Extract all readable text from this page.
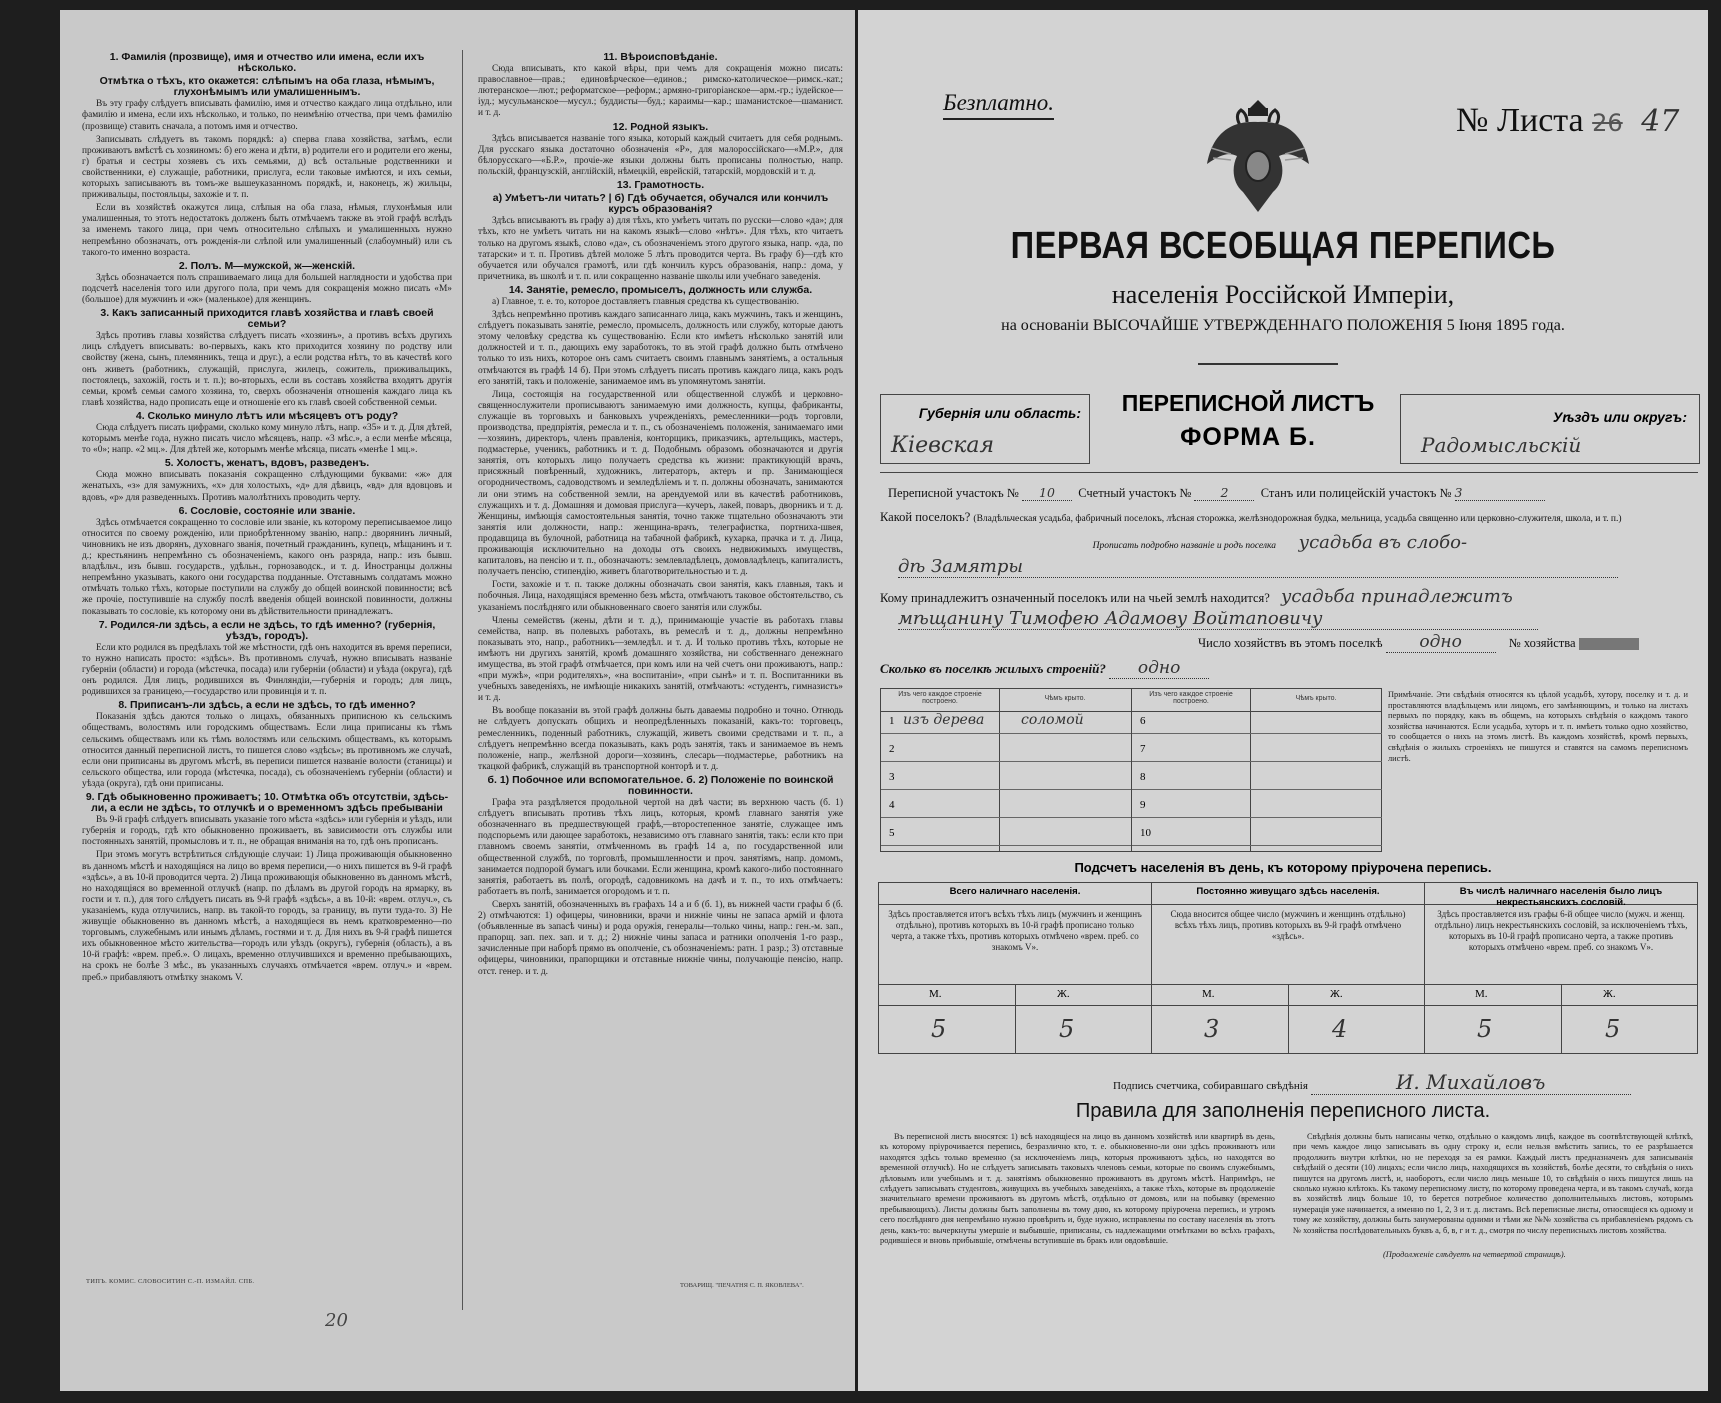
1. Фамилія (прозвище), имя и отчество или имена, если ихъ нѣсколько.
Отмѣтка о тѣхъ, кто окажется: слѣпымъ на оба глаза, нѣмымъ, глухонѣмымъ или умалишеннымъ.
Въ эту графу слѣдуетъ вписывать фамилію, имя и отчество каждаго лица отдѣльно, или фамилію и имена, если ихъ нѣсколько, и только, по неимѣнію отчества, при чемъ фамилію (прозвище) ставить сначала, а потомъ имя и отчество.
Записывать слѣдуетъ въ такомъ порядкѣ: а) сперва глава хозяйства, затѣмъ, если проживаютъ вмѣстѣ съ хозяиномъ: б) его жена и дѣти, в) родители его и родители его жены, г) братья и сестры хозяевъ съ ихъ семьями, д) всѣ остальные родственники и свойственники, е) служащіе, работники, прислуга, если таковые имѣются, и ихъ семьи, которыхъ записываютъ въ томъ-же вышеуказанномъ порядкѣ, и, наконецъ, ж) жильцы, приживальцы, постояльцы, захожіе и т. п.
Если въ хозяйствѣ окажутся лица, слѣпыя на оба глаза, нѣмыя, глухонѣмыя или умалишенныя, то этотъ недостатокъ долженъ быть отмѣчаемъ также въ этой графѣ вслѣдъ за именемъ такого лица, при чемъ относительно слѣпыхъ и умалишенныхъ нужно непремѣнно обозначать, отъ рожденія-ли слѣпой или умалишенный (слабоумный) или съ такого-то именно возраста.
2. Полъ. М—мужской, ж—женскій.
Здѣсь обозначается полъ спрашиваемаго лица для большей наглядности и удобства при подсчетѣ населенія того или другого пола, при чемъ для сокращенія можно писать «М» (большое) для мужчинъ и «ж» (маленькое) для женщинъ.
3. Какъ записанный приходится главѣ хозяйства и главѣ своей семьи?
Здѣсь противъ главы хозяйства слѣдуетъ писать «хозяинъ», а противъ всѣхъ другихъ лицъ слѣдуетъ вписывать: во-первыхъ, какъ кто приходится хозяину по родству или свойству (жена, сынъ, племянникъ, теща и друг.), а если родства нѣтъ, то въ качествѣ кого онъ живетъ (работникъ, служащій, прислуга, жилецъ, сожитель, приживальщикъ, постоялецъ, захожій, гость и т. п.); во-вторыхъ, если въ составъ хозяйства входятъ другія семьи, кромѣ семьи самого хозяина, то, сверхъ обозначенія отношенія каждаго лица къ главѣ хозяйства, надо прописать еще и отношеніе его къ главѣ своей собственной семьи.
4. Сколько минуло лѣтъ или мѣсяцевъ отъ роду?
Сюда слѣдуетъ писать цифрами, сколько кому минуло лѣтъ, напр. «35» и т. д. Для дѣтей, которымъ менѣе года, нужно писать число мѣсяцевъ, напр. «3 мѣс.», а если менѣе мѣсяца, то «0»; напр. «2 мц.». Для дѣтей же, которымъ менѣе мѣсяца, писать «менѣе 1 мц.».
5. Холостъ, женатъ, вдовъ, разведенъ.
Сюда можно вписывать показанія сокращенно слѣдующими буквами: «ж» для женатыхъ, «з» для замужнихъ, «х» для холостыхъ, «д» для дѣвицъ, «вд» для вдовцовъ и вдовъ, «р» для разведенныхъ. Противъ малолѣтнихъ проводить черту.
6. Сословіе, состояніе или званіе.
Здѣсь отмѣчается сокращенно то сословіе или званіе, къ которому переписываемое лицо относится по своему рожденію, или приобрѣтенному званію, напр.: дворянинъ личный, чиновникъ не изъ дворянъ, духовнаго званія, почетный гражданинъ, купецъ, мѣщанинъ и т. д.; крестьянинъ непремѣнно съ обозначеніемъ, какого онъ разряда, напр.: изъ бывш. владѣльч., изъ бывш. государств., удѣльн., горнозаводск., и т. д. Иностранцы должны непремѣнно указывать, какого они государства подданные. Отставнымъ солдатамъ можно отмѣчать только тѣхъ, которые поступили на службу до общей воинской повинности; всѣ же прочіе, поступившіе на службу послѣ введенія общей воинской повинности, должны показывать то сословіе, къ которому они въ дѣйствительности принадлежатъ.
7. Родился-ли здѣсь, а если не здѣсь, то гдѣ именно? (губернія, уѣздъ, городъ).
Если кто родился въ предѣлахъ той же мѣстности, гдѣ онъ находится въ время переписи, то нужно написать просто: «здѣсь». Въ противномъ случаѣ, нужно вписывать названіе губерніи (области) и города (мѣстечка, посада) или губерніи (области) и уѣзда (округа), гдѣ онъ родился. Для лицъ, родившихся въ Финляндіи,—губернія и городъ; для лицъ, родившихся за границею,—государство или провинція и т. п.
8. Приписанъ-ли здѣсь, а если не здѣсь, то гдѣ именно?
Показанія здѣсь даются только о лицахъ, обязанныхъ приписною къ сельскимъ обществамъ, волостямъ или городскимъ обществамъ. Если лица приписаны къ тѣмъ сельскимъ обществамъ или къ тѣмъ волостямъ или сельскимъ обществамъ, къ которымъ относится данный переписной листъ, то пишется слово «здѣсь»; въ противномъ же случаѣ, если они приписаны въ другомъ мѣстѣ, въ переписи пишется названіе волости (станицы) и сельского общества, или города (мѣстечка, посада), съ обозначеніемъ губерніи (области) и уѣзда (округа), гдѣ они приписаны.
9. Гдѣ обыкновенно проживаетъ; 10. Отмѣтка объ отсутствіи, здѣсь-ли, а если не здѣсь, то отлучкѣ и о временномъ здѣсь пребываніи
Въ 9-й графѣ слѣдуетъ вписывать указаніе того мѣста «здѣсь» или губернія и уѣздъ, или губернія и городъ, гдѣ кто обыкновенно проживаетъ, въ зависимости отъ службы или постоянныхъ занятій, промысловъ и т. п., не обращая вниманія на то, гдѣ онъ прописанъ.
При этомъ могутъ встрѣтиться слѣдующіе случаи: 1) Лица проживающія обыкновенно въ данномъ мѣстѣ и находящіяся на лицо во время переписи,—о нихъ пишется въ 9-й графѣ «здѣсь», а въ 10-й проводится черта. 2) Лица проживающія обыкновенно въ данномъ мѣстѣ, но находящіяся во временной отлучкѣ (напр. по дѣламъ въ другой городъ на ярмарку, въ гости и т. п.), для того слѣдуетъ писать въ 9-й графѣ «здѣсь», а въ 10-й: «врем. отлуч.», съ указаніемъ, куда отлучились, напр. въ такой-то городъ, за границу, въ пути туда-то. 3) Не живущіе обыкновенно въ данномъ мѣстѣ, а находящіеся въ немъ кратковременно—по торговымъ, служебнымъ или инымъ дѣламъ, гостями и т. д. Для нихъ въ 9-й графѣ пишется ихъ обыкновенное мѣсто жительства—городъ или уѣздъ (округъ), губернія (область), а въ 10-й графѣ: «врем. преб.». О лицахъ, временно отлучившихся и временно пребывающихъ, на срокъ не болѣе 3 мѣс., въ указанныхъ случаяхъ отмѣчается «врем. отлуч.» и «врем. преб.» прибавляютъ отмѣтку знакомъ V.
11. Вѣроисповѣданіе.
Сюда вписывать, кто какой вѣры, при чемъ для сокращенія можно писать: православное—прав.; единовѣрческое—единов.; римско-католическое—римск.-кат.; лютеранское—лют.; реформатское—реформ.; армяно-григоріанское—арм.-гр.; іудейское—іуд.; мусульманское—мусул.; буддисты—буд.; караимы—кар.; шаманистское—шаманист. и т. д.
12. Родной языкъ.
Здѣсь вписывается названіе того языка, который каждый считаетъ для себя роднымъ. Для русскаго языка достаточно обозначенія «Р», для малороссійскаго—«М.Р.», для бѣлорусскаго—«Б.Р.», прочіе-же языки должны быть прописаны полностью, напр. польскій, французскій, англійскій, нѣмецкій, еврейскій, татарскій, мордовскій и т. д.
13. Грамотность.
а) Умѣетъ-ли читать? | б) Гдѣ обучается, обучался или кончилъ курсъ образованія?
Здѣсь вписываютъ въ графу а) для тѣхъ, кто умѣетъ читать по русски—слово «да»; для тѣхъ, кто не умѣетъ читать ни на какомъ языкѣ—слово «нѣтъ». Для тѣхъ, кто читаетъ только на другомъ языкѣ, слово «да», съ обозначеніемъ этого другого языка, напр. «да, по татарски» и т. п. Противъ дѣтей моложе 5 лѣтъ проводится черта. Въ графу б)—гдѣ кто обучается или обучался грамотѣ, или гдѣ кончилъ курсъ образованія, напр.: дома, у причетника, въ школѣ и т. п. или сокращенно названіе школы или учебнаго заведенія.
14. Занятіе, ремесло, промыселъ, должность или служба.
а) Главное, т. е. то, которое доставляетъ главныя средства къ существованію.
Здѣсь непремѣнно противъ каждаго записаннаго лица, какъ мужчинъ, такъ и женщинъ, слѣдуетъ показывать занятіе, ремесло, промыселъ, должность или службу, которые даютъ этому человѣку средства къ существованію. Если кто имѣетъ нѣсколько занятій или должностей и т. п., дающихъ ему заработокъ, то въ этой графѣ должно быть отмѣчено только то изъ нихъ, которое онъ самъ считаетъ своимъ главнымъ занятіемъ, а остальныя отмѣчаются въ графѣ 14 б). При этомъ слѣдуетъ писать противъ каждаго лица, какъ родъ его занятій, такъ и положеніе, занимаемое имъ въ упомянутомъ занятіи.
Лица, состоящія на государственной или общественной службѣ и церковно-священнослужители прописываютъ занимаемую ими должность, купцы, фабриканты, служащіе въ торговыхъ и банковыхъ учрежденіяхъ, ремесленники—родъ торговли, производства, предпріятія, ремесла и т. п., съ обозначеніемъ положенія, занимаемаго ими—хозяинъ, директоръ, членъ правленія, конторщикъ, приказчикъ, артельщикъ, мастеръ, подмастерье, ученикъ, работникъ и т. д. Подобнымъ образомъ обозначаются и другія занятія, отъ которыхъ лицо получаетъ средства къ жизни: практикующій врачъ, присяжный повѣренный, художникъ, литераторъ, актеръ и пр. Занимающіеся огородничествомъ, садоводствомъ и земледѣліемъ и т. п. должны обозначать, занимаются ли они этимъ на собственной земли, на арендуемой или въ качествѣ работниковъ, служащихъ и т. д. Домашняя и домовая прислуга—кучеръ, лакей, поваръ, дворникъ и т. д. Женщины, имѣющія самостоятельныя занятія, точно также тщательно обозначаютъ эти занятія или должности, напр.: женщина-врачъ, телеграфистка, портниха-швея, продавщица въ булочной, работница на табачной фабрикѣ, кухарка, прачка и т. д. Лица, проживающія исключительно на доходы отъ своихъ недвижимыхъ имуществъ, капиталовъ, на пенсію и т. п., обозначаютъ: землевладѣлецъ, домовладѣлецъ, капиталистъ, получаетъ пенсію, стипендію, живетъ благотворительностью и т. д.
Гости, захожіе и т. п. также должны обозначать свои занятія, какъ главныя, такъ и побочныя. Лица, находящіяся временно безъ мѣста, отмѣчаютъ таковое обстоятельство, съ указаніемъ послѣдняго или обыкновеннаго своего занятія или службы.
Члены семействъ (жены, дѣти и т. д.), принимающіе участіе въ работахъ главы семейства, напр. въ полевыхъ работахъ, въ ремеслѣ и т. д., должны непремѣнно показывать это, напр., работникъ—земледѣл. и т. д. И только противъ тѣхъ, которые не имѣютъ ни другихъ занятій, кромѣ домашняго хозяйства, ни собственнаго денежнаго имущества, въ этой графѣ отмѣчается, при комъ или на чей счетъ они проживаютъ, напр.: «при мужѣ», «при родителяхъ», «на воспитаніи», «при сынѣ» и т. п. Воспитанники въ учебныхъ заведеніяхъ, не имѣющіе никакихъ занятій, отмѣчаютъ: «студентъ, гимназистъ» и т. д.
Въ вообще показаніи въ этой графѣ должны быть даваемы подробно и точно. Отнюдь не слѣдуетъ допускать общихъ и неопредѣленныхъ показаній, какъ-то: торговецъ, ремесленникъ, поденный работникъ, служащій, живетъ своими средствами и т. п., а слѣдуетъ непремѣнно всегда показывать, какъ родъ занятія, такъ и занимаемое въ немъ положеніе, напр., желѣзной дороги—хозяинъ, слесарь—подмастерье, работникъ на ткацкой фабрикѣ, служащій въ транспортной конторѣ и т. д.
б. 1) Побочное или вспомогательное. б. 2) Положеніе по воинской повинности.
Графа эта раздѣляется продольной чертой на двѣ части; въ верхнюю часть (б. 1) слѣдуетъ вписывать противъ тѣхъ лицъ, которыя, кромѣ главнаго занятія уже обозначеннаго въ предшествующей графѣ,—второстепенное занятіе, служащее имъ подспорьемъ или дающее заработокъ, независимо отъ главнаго занятія, такъ: если кто при главномъ своемъ занятіи, отмѣченномъ въ графѣ 14 а, по государственной или общественной службѣ, по торговлѣ, промышленности и проч. занятіямъ, напр. домомъ, занимается подпорой бумагъ или бочками. Если женщина, кромѣ какого-либо постояннаго занятія, работаетъ въ полѣ, огородѣ, садовникомъ на дачѣ и т. п., то ихъ отмѣчаетъ: работаетъ въ полѣ, занимается огородомъ и т. п.
Сверхъ занятій, обозначенныхъ въ графахъ 14 а и б (б. 1), въ нижней части графы б (б. 2) отмѣчаются: 1) офицеры, чиновники, врачи и нижніе чины не запаса армій и флота (объявленные въ запасѣ чины) и рода оружія, генералы—только чины, напр.: ген.-м. зап., прапорщ. зап. пех. зап. и т. д.; 2) нижніе чины запаса и ратники ополченія 1-го разр., зачисленные при наборѣ прямо въ ополченіе, съ обозначеніемъ: ратн. 1 разр.; 3) отставные офицеры, чиновники, прапорщики и отставные нижніе чины, получающіе пенсію, напр. отст. генер. и т. д.
ТИПЪ. КОМИС. СЛОВОСИТИН С.-П. ИЗМАЙЛ. СПБ.
ТОВАРИЩ. "ПЕЧАТНЯ С. П. ЯКОВЛЕВА".
20
Безплатно.	№ Листа 26 47
ПЕРВАЯ ВСЕОБЩАЯ ПЕРЕПИСЬ
населенія Россійской Имперіи,
на основаніи ВЫСОЧАЙШЕ УТВЕРЖДЕННАГО ПОЛОЖЕНІЯ 5 Іюня 1895 года.
Губернія или область:
Кіевская
ПЕРЕПИСНОЙ ЛИСТЪ
ФОРМА Б.
Уѣздъ или округъ:
Радомысльскій
Переписной участокъ № 10 Счетный участокъ № 2	Станъ или полицейскій участокъ № 3
Какой поселокъ? (Владѣльческая усадьба, фабричный поселокъ, лѣсная сторожка, желѣзнодорожная будка, мельница, усадьба священно или церковно-служителя, школа, и т. п.)
Прописать подробно названіе и родъ поселка усадьба въ слобо-
дѣ Замятры
Кому принадлежитъ означенный поселокъ или на чьей землѣ находится? усадьба принадлежитъ
мѣщанину Тимофею Адамову Войтаповичу
Число хозяйствъ въ этомъ поселкѣ одно	№ хозяйства
Сколько въ поселкѣ жилыхъ строеній? одно
Изъ чего каждое строеніе построено.	Чѣмъ крыто.
1 изъ дерева	соломой
2
3
4
5
Изъ чего каждое строеніе построено.	Чѣмъ крыто.
6
7
8
9
10
Примѣчаніе. Эти свѣдѣнія относятся къ цѣлой усадьбѣ, хутору, поселку и т. д. и проставляются владѣльцемъ или лицомъ, его замѣняющимъ, и только на листахъ первыхъ по порядку, какъ въ общемъ, на которыхъ свѣдѣнія о каждомъ такого хозяйства начинаются. Если усадьба, хуторъ и т. п. имѣетъ только одно хозяйство, то сообщается о нихъ на этомъ листѣ. Въ каждомъ хозяйствѣ, кромѣ первыхъ, свѣдѣнія о жилыхъ строеніяхъ не пишутся и ставятся на самомъ переписномъ листѣ.
Подсчетъ населенія въ день, къ которому пріурочена перепись.
Всего наличнаго населенія.
Здѣсь проставляется итогъ всѣхъ тѣхъ лицъ (мужчинъ и женщинъ отдѣльно), противъ которыхъ въ 10-й графѣ прописано только черта, а также тѣхъ, противъ которыхъ отмѣчено «врем. преб. со знакомъ V».
М.	Ж.
5	5
Постоянно живущаго здѣсь населенія.
Сюда вносится общее число (мужчинъ и женщинъ отдѣльно) всѣхъ тѣхъ лицъ, противъ которыхъ въ 9-й графѣ отмѣчено «здѣсь».
М.	Ж.
3	4
Въ числѣ наличнаго населенія было лицъ некрестьянскихъ сословій.
Здѣсь проставляется изъ графы 6-й общее число (мужч. и женщ. отдѣльно) лицъ некрестьянскихъ сословій, за исключеніемъ тѣхъ, которыхъ въ 10-й графѣ прописано черта, а также противъ которыхъ отмѣчено «врем. преб. со знакомъ V».
М.	Ж.
5	5
Подпись счетчика, собиравшаго свѣдѣнія	И. Михайловъ
Правила для заполненія переписного листа.
Въ переписной листъ вносятся: 1) всѣ находящіеся на лицо въ данномъ хозяйствѣ или квартирѣ въ день, къ которому пріурочивается перепись, безразлично кто, т. е. обыкновенно-ли они здѣсь проживаютъ или находятся здѣсь только временно (за исключеніемъ лицъ, которыя проживаютъ здѣсь, но находятся во временной отлучкѣ). Но не слѣдуетъ записывать таковыхъ членовъ семьи, которые по своимъ служебнымъ, дѣловымъ или учебнымъ и т. д. занятіямъ обыкновенно проживаютъ въ другомъ мѣстѣ. Напримѣръ, не слѣдуетъ записывать студентовъ, живущихъ въ учебныхъ заведеніяхъ, а также тѣхъ, которые въ продолженіе значительнаго времени проживаютъ въ другомъ мѣстѣ, отдѣльно от домовъ, или на побывку (временно пребывающихъ). Листы должны быть заполнены въ тому дню, къ которому пріурочена перепись, и утромъ сего послѣдняго дня непремѣнно нужно провѣрить и, буде нужно, исправлены по составу населенія въ этотъ день, какъ-то: вычеркнуты умершіе и выбывшіе, приписаны, съ надлежащими отмѣтками во всѣхъ графахъ, родившіеся и вновь прибывшіе, отмѣчены вступившіе въ бракъ или овдовѣвшіе.
Свѣдѣнія должны быть написаны четко, отдѣльно о каждомъ лицѣ, каждое въ соотвѣтствующей клѣткѣ, при чемъ каждое лицо записывать въ одну строку и, если нельзя вмѣстить запись, то ее разрѣшается продолжить внутри клѣтки, но не переходя за ея рамки. Каждый листъ предназначенъ для записыванія свѣдѣній о десяти (10) лицахъ; если число лицъ, находящихся въ хозяйствѣ, болѣе десяти, то свѣдѣнія о нихъ пишутся на другомъ листѣ, и, наоборотъ, если число лицъ меньше 10, то свѣдѣнія о нихъ пишутся лишь на сколько нужно клѣтокъ. Къ такому переписному листу, по которому проведена черта, и въ такомъ случаѣ, когда въ хозяйствѣ лицъ больше 10, то берется потребное количество дополнительныхъ листовъ, которымъ нумерація уже начинается, а именно по 1, 2, 3 и т. д. листамъ. Всѣ переписные листы, относящіеся къ одному и тому же хозяйству, должны быть занумерованы одними и тѣми же №№ хозяйства съ прибавленіемъ рядомъ съ № хозяйства послѣдовательныхъ буквъ а, б, в, г и т. д., смотря по числу переписныхъ листовъ хозяйства.
(Продолженіе слѣдуетъ на четвертой страницѣ).
